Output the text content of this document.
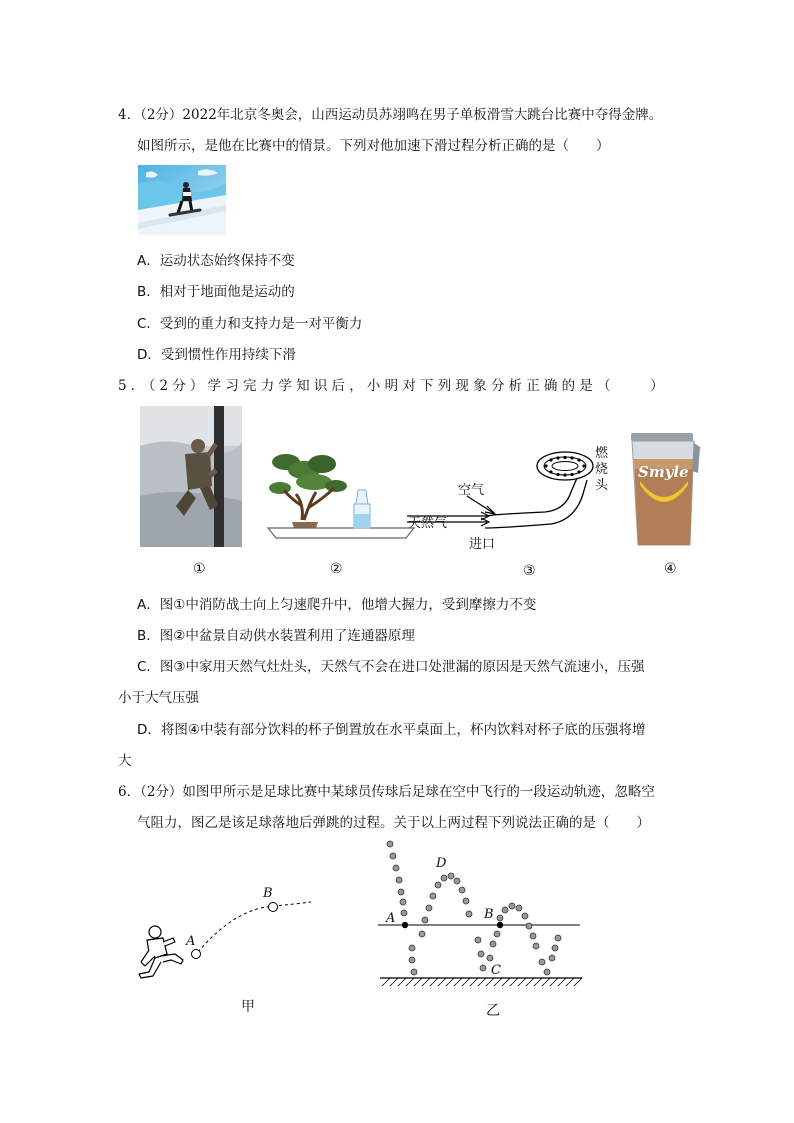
4．（2分）2022年北京冬奥会，山西运动员苏翊鸣在男子单板滑雪大跳台比赛中夺得金牌。
如图所示，是他在比赛中的情景。下列对他加速下滑过程分析正确的是（　　）
A．运动状态始终保持不变
B．相对于地面他是运动的
C．受到的重力和支持力是一对平衡力
D．受到惯性作用持续下滑
5．（2分）学习完力学知识后，小明对下列现象分析正确的是（　　）
空气
天然气
进口
燃烧头
Smyle
①	②	③	④
A．图①中消防战士向上匀速爬升中，他增大握力，受到摩擦力不变
B．图②中盆景自动供水装置利用了连通器原理
C．图③中家用天然气灶灶头，天然气不会在进口处泄漏的原因是天然气流速小，压强
小于大气压强
D．将图④中装有部分饮料的杯子倒置放在水平桌面上，杯内饮料对杯子底的压强将增
大
6．（2分）如图甲所示是足球比赛中某球员传球后足球在空中飞行的一段运动轨迹，忽略空
气阻力，图乙是该足球落地后弹跳的过程。关于以上两过程下列说法正确的是（　　）
A
B
甲
A	B
C
D
乙
